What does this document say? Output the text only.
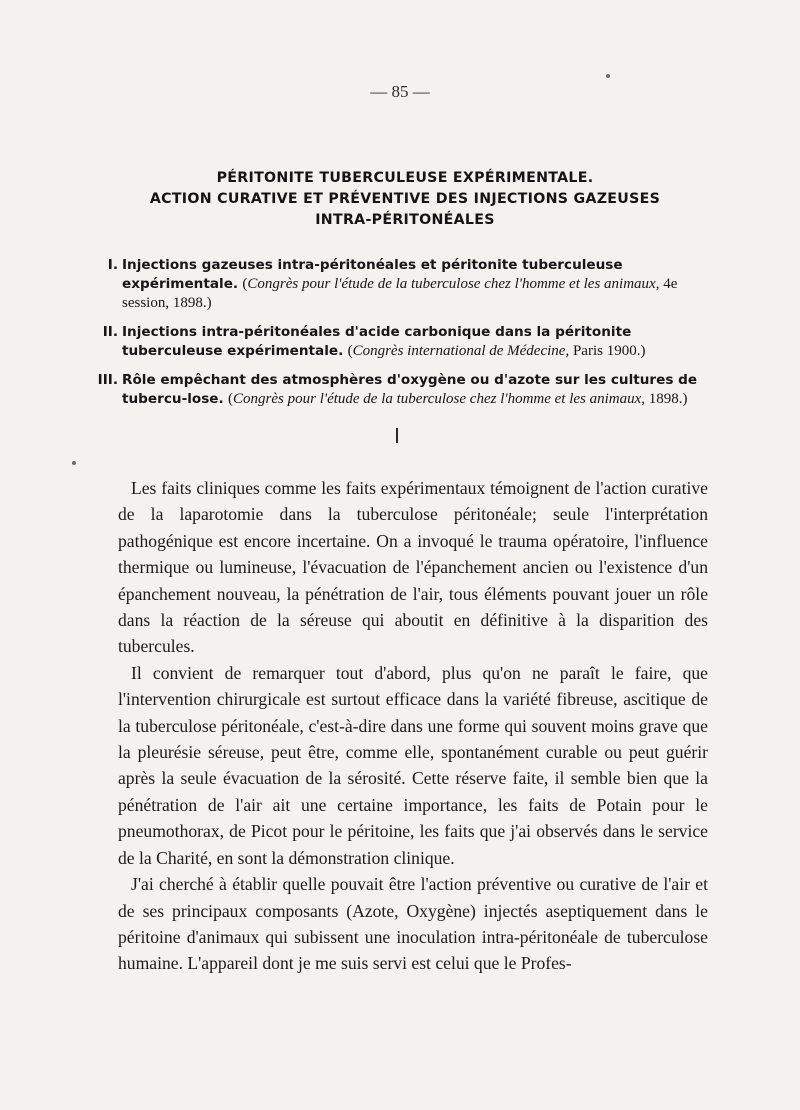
— 85 —
PÉRITONITE TUBERCULEUSE EXPÉRIMENTALE.
ACTION CURATIVE ET PRÉVENTIVE DES INJECTIONS GAZEUSES
INTRA-PÉRITONÉALES
I. Injections gazeuses intra-péritonéales et péritonite tuberculeuse expérimentale. (Congrès pour l'étude de la tuberculose chez l'homme et les animaux, 4e session, 1898.)
II. Injections intra-péritonéales d'acide carbonique dans la péritonite tuberculeuse expérimentale. (Congrès international de Médecine, Paris 1900.)
III. Rôle empêchant des atmosphères d'oxygène ou d'azote sur les cultures de tubercu-lose. (Congrès pour l'étude de la tuberculose chez l'homme et les animaux, 1898.)

Les faits cliniques comme les faits expérimentaux témoignent de l'action curative de la laparotomie dans la tuberculose péritonéale; seule l'interprétation pathogénique est encore incertaine. On a invoqué le trauma opératoire, l'influence thermique ou lumineuse, l'évacuation de l'épanchement ancien ou l'existence d'un épanchement nouveau, la pénétration de l'air, tous éléments pouvant jouer un rôle dans la réaction de la séreuse qui aboutit en définitive à la disparition des tubercules.

Il convient de remarquer tout d'abord, plus qu'on ne paraît le faire, que l'intervention chirurgicale est surtout efficace dans la variété fibreuse, ascitique de la tuberculose péritonéale, c'est-à-dire dans une forme qui souvent moins grave que la pleurésie séreuse, peut être, comme elle, spontanément curable ou peut guérir après la seule évacuation de la sérosité. Cette réserve faite, il semble bien que la pénétration de l'air ait une certaine importance, les faits de Potain pour le pneumothorax, de Picot pour le péritoine, les faits que j'ai observés dans le service de la Charité, en sont la démonstration clinique.

J'ai cherché à établir quelle pouvait être l'action préventive ou curative de l'air et de ses principaux composants (Azote, Oxygène) injectés aseptiquement dans le péritoine d'animaux qui subissent une inoculation intra-péritonéale de tuberculose humaine. L'appareil dont je me suis servi est celui que le Profes-
